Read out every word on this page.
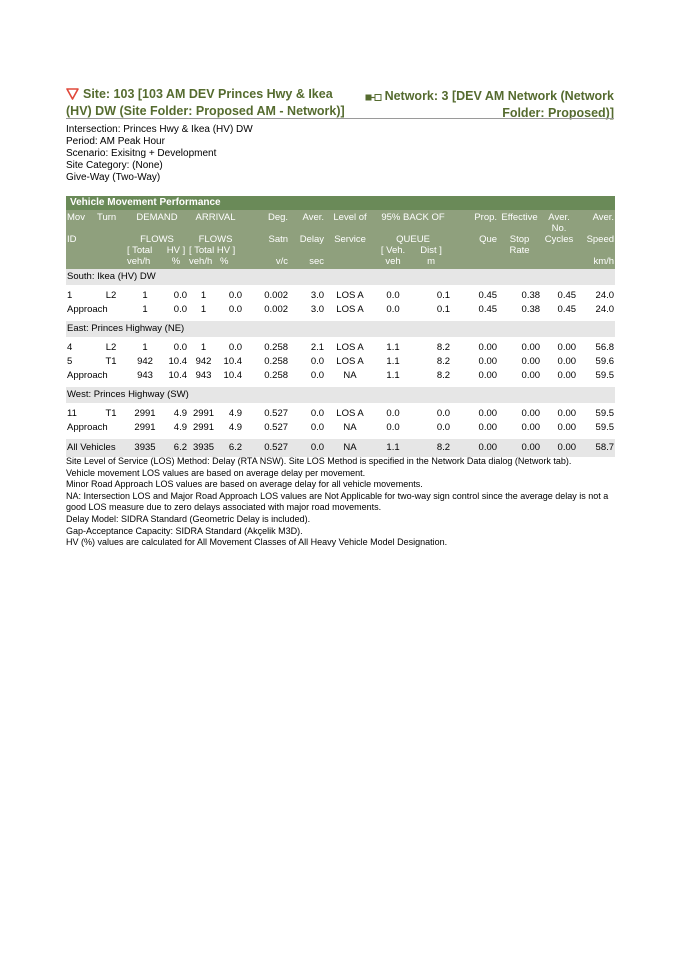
Site: 103 [103 AM DEV Princes Hwy & Ikea
(HV) DW (Site Folder: Proposed AM - Network)]
Network: 3 [DEV AM Network (Network
Folder: Proposed)]
Intersection: Princes Hwy & Ikea (HV) DW
Period: AM Peak Hour
Scenario: Exisitng + Development
Site Category: (None)
Give-Way (Two-Way)
Vehicle Movement Performance
Mov	Turn	DEMAND		ARRIVAL		Deg.	Aver.	Level of	95% BACK OF		Prop.	Effective	Aver. No.	Aver.
ID		FLOWS		FLOWS		Satn	Delay	Service	QUEUE		Que	Stop	Cycles	Speed
		[ Total	HV ]	[ Total HV ]					[ Veh.	Dist ]		Rate		
		veh/h	%	veh/h	%	v/c	sec		veh	m				km/h
South: Ikea (HV) DW														

1	L2	1	0.0	1	0.0	0.002	3.0	LOS A	0.0	0.1	0.45	0.38	0.45	24.0
Approach		1	0.0	1	0.0	0.002	3.0	LOS A	0.0	0.1	0.45	0.38	0.45	24.0

East: Princes Highway (NE)														

4	L2	1	0.0	1	0.0	0.258	2.1	LOS A	1.1	8.2	0.00	0.00	0.00	56.8
5	T1	942	10.4	942	10.4	0.258	0.0	LOS A	1.1	8.2	0.00	0.00	0.00	59.6
Approach		943	10.4	943	10.4	0.258	0.0	NA	1.1	8.2	0.00	0.00	0.00	59.5

West: Princes Highway (SW)														

11	T1	2991	4.9	2991	4.9	0.527	0.0	LOS A	0.0	0.0	0.00	0.00	0.00	59.5
Approach		2991	4.9	2991	4.9	0.527	0.0	NA	0.0	0.0	0.00	0.00	0.00	59.5

All Vehicles		3935	6.2	3935	6.2	0.527	0.0	NA	1.1	8.2	0.00	0.00	0.00	58.7
Site Level of Service (LOS) Method: Delay (RTA NSW). Site LOS Method is specified in the Network Data dialog (Network tab).
Vehicle movement LOS values are based on average delay per movement.
Minor Road Approach LOS values are based on average delay for all vehicle movements.
NA: Intersection LOS and Major Road Approach LOS values are Not Applicable for two-way sign control since the average delay is not a good LOS measure due to zero delays associated with major road movements.
Delay Model: SIDRA Standard (Geometric Delay is included).
Gap-Acceptance Capacity: SIDRA Standard (Akçelik M3D).
HV (%) values are calculated for All Movement Classes of All Heavy Vehicle Model Designation.
